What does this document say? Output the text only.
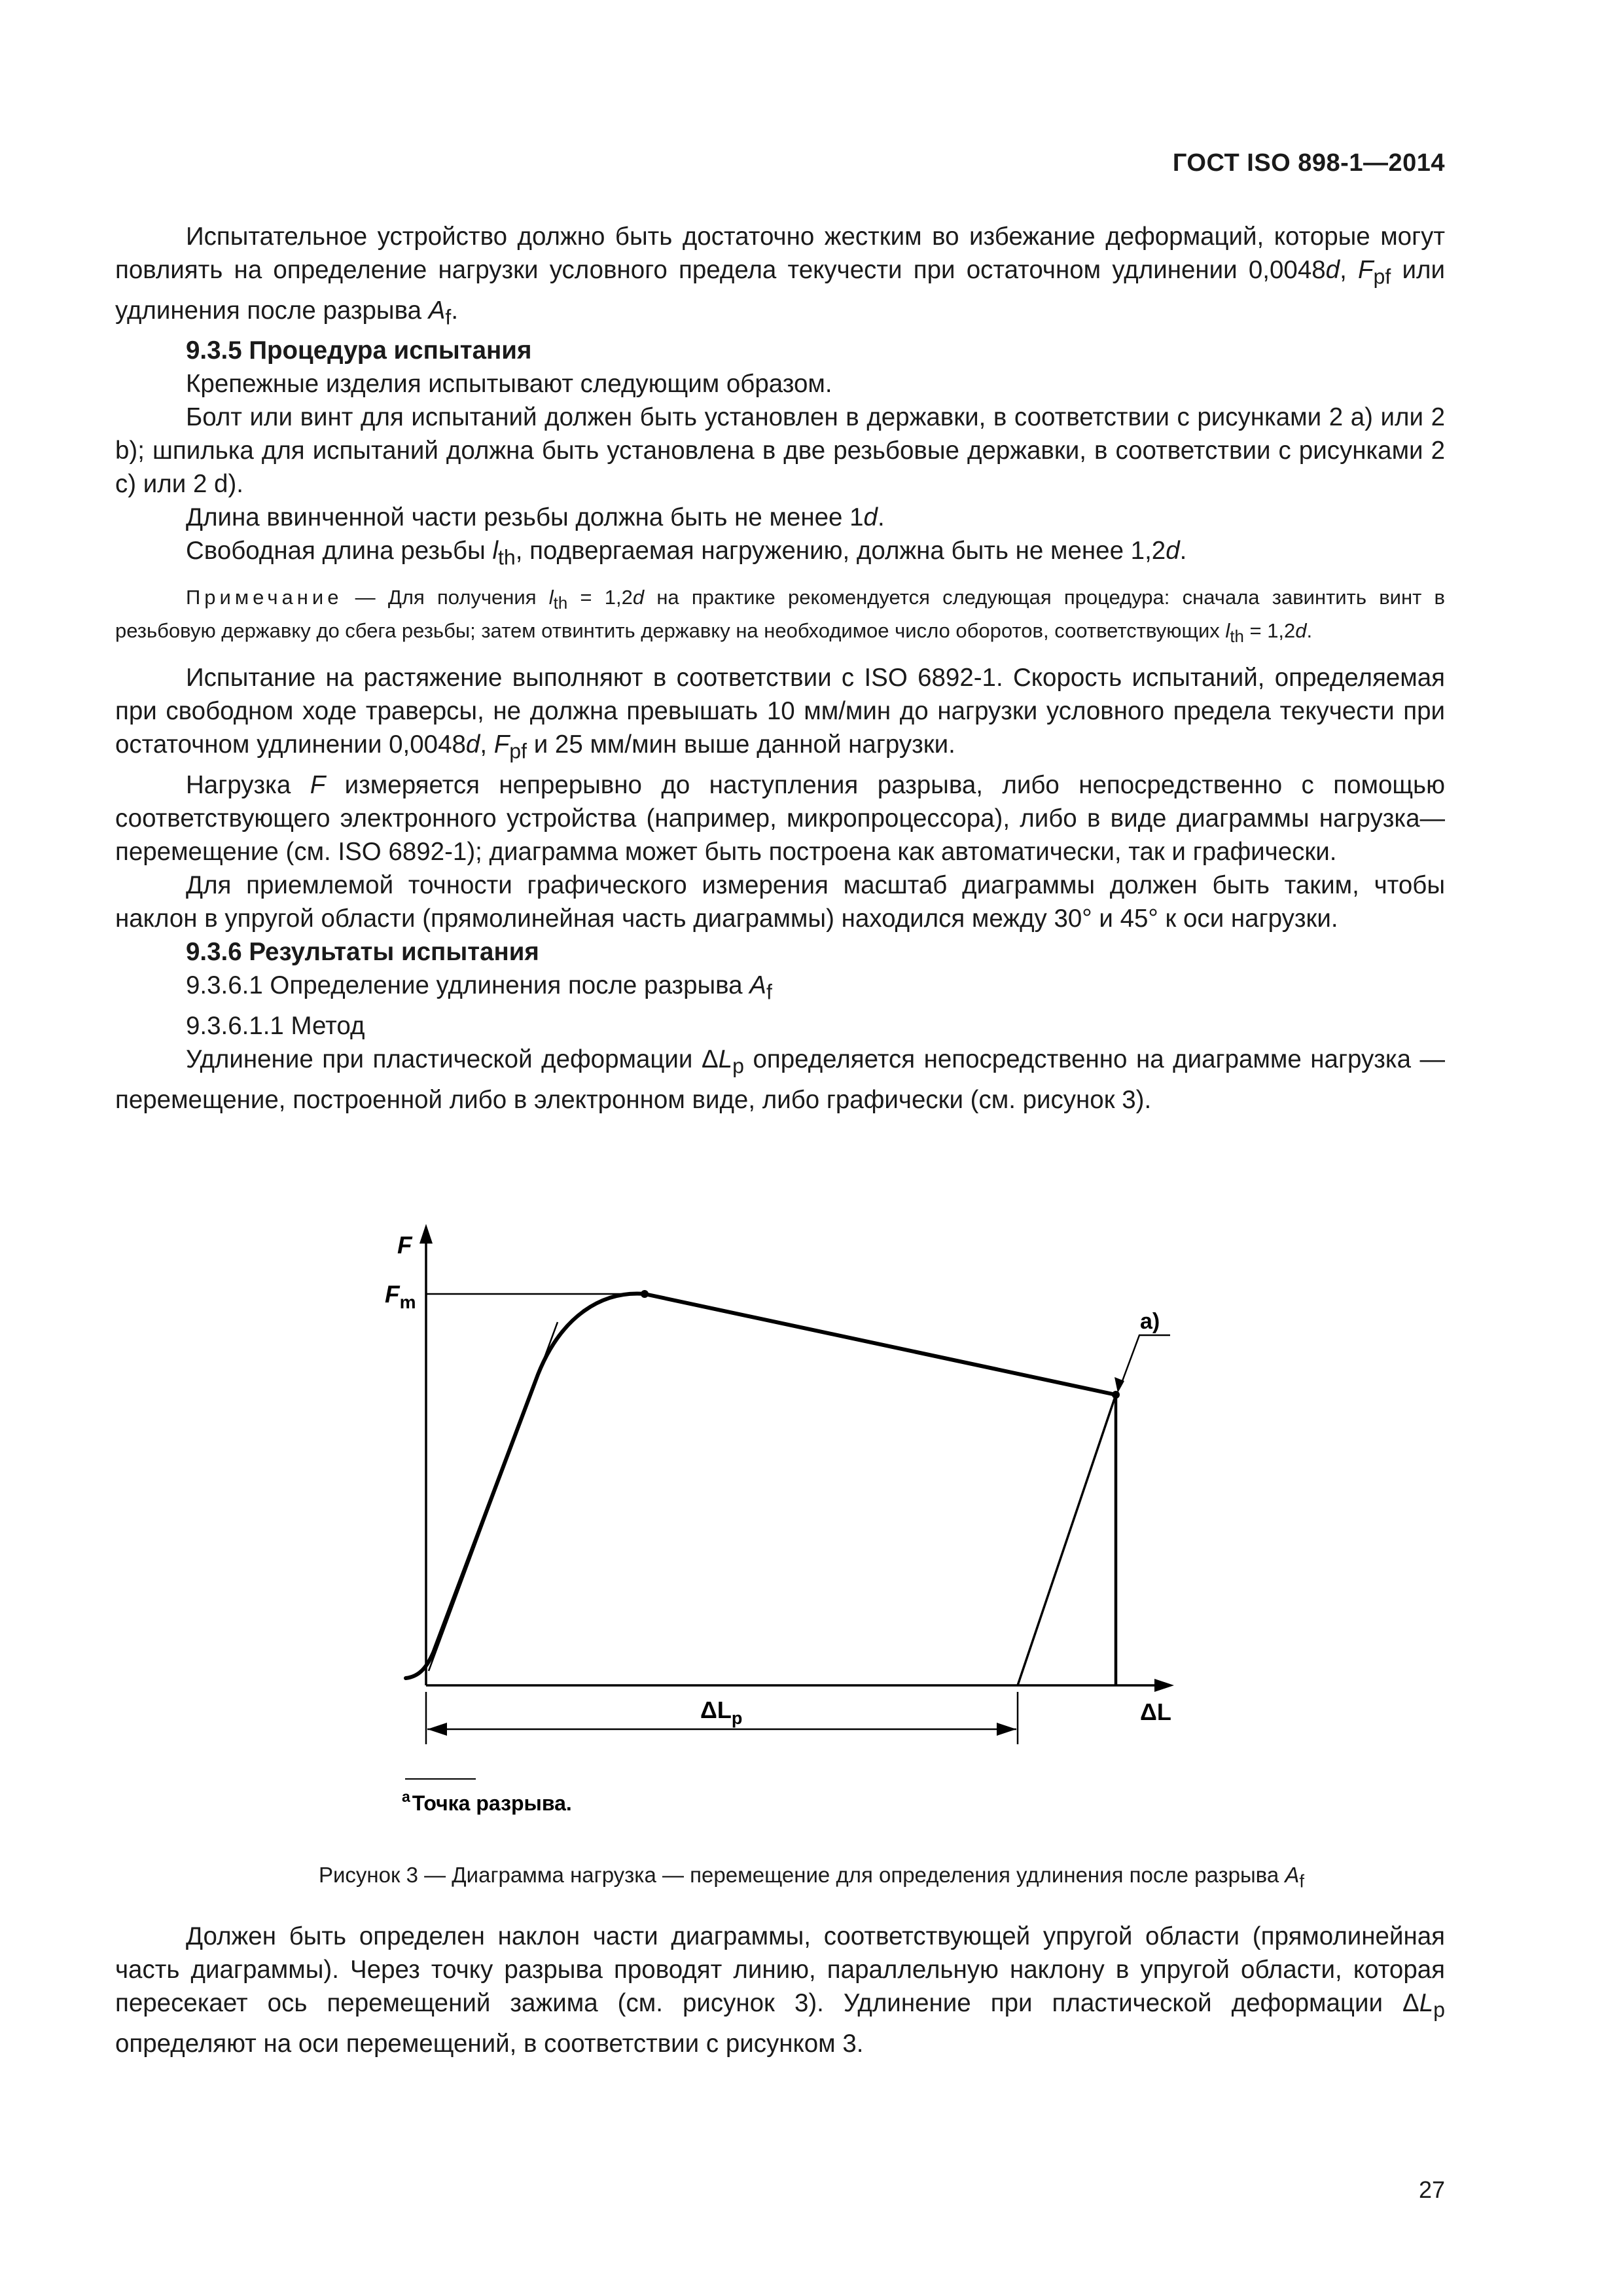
ГОСТ ISO 898-1—2014

Испытательное устройство должно быть достаточно жестким во избежание деформаций, которые могут повлиять на определение нагрузки условного предела текучести при остаточном удлинении 0,0048d, $F_{pf}$ или удлинения после разрыва $A_f$.

9.3.5 Процедура испытания

Крепежные изделия испытывают следующим образом.

Болт или винт для испытаний должен быть установлен в державки, в соответствии с рисунками 2 a) или 2 b); шпилька для испытаний должна быть установлена в две резьбовые державки, в соответствии с рисунками 2 c) или 2 d).

Длина ввинченной части резьбы должна быть не менее 1d.

Свободная длина резьбы $l_{th}$, подвергаемая нагружению, должна быть не менее 1,2d.

Примечание — Для получения $l_{th} = 1,2d$ на практике рекомендуется следующая процедура: сначала завинтить винт в резьбовую державку до сбега резьбы; затем отвинтить державку на необходимое число оборотов, соответствующих $l_{th} = 1,2d$.

Испытание на растяжение выполняют в соответствии с ISO 6892-1. Скорость испытаний, определяемая при свободном ходе траверсы, не должна превышать 10 мм/мин до нагрузки условного предела текучести при остаточном удлинении 0,0048d, $F_{pf}$ и 25 мм/мин выше данной нагрузки.

Нагрузка F измеряется непрерывно до наступления разрыва, либо непосредственно с помощью соответствующего электронного устройства (например, микропроцессора), либо в виде диаграммы нагрузка—перемещение (см. ISO 6892-1); диаграмма может быть построена как автоматически, так и графически.

Для приемлемой точности графического измерения масштаб диаграммы должен быть таким, чтобы наклон в упругой области (прямолинейная часть диаграммы) находился между 30° и 45° к оси нагрузки.

9.3.6 Результаты испытания

9.3.6.1 Определение удлинения после разрыва $A_f$

9.3.6.1.1 Метод

Удлинение при пластической деформации $\Delta L_p$ определяется непосредственно на диаграмме нагрузка — перемещение, построенной либо в электронном виде, либо графически (см. рисунок 3).

F
$F_m$
ΔL
$\Delta L_p$
a)
$^a$Точка разрыва.
Рисунок 3 — Диаграмма нагрузка — перемещение для определения удлинения после разрыва $A_f$

Должен быть определен наклон части диаграммы, соответствующей упругой области (прямолинейная часть диаграммы). Через точку разрыва проводят линию, параллельную наклону в упругой области, которая пересекает ось перемещений зажима (см. рисунок 3). Удлинение при пластической деформации $\Delta L_p$ определяют на оси перемещений, в соответствии с рисунком 3.

27
